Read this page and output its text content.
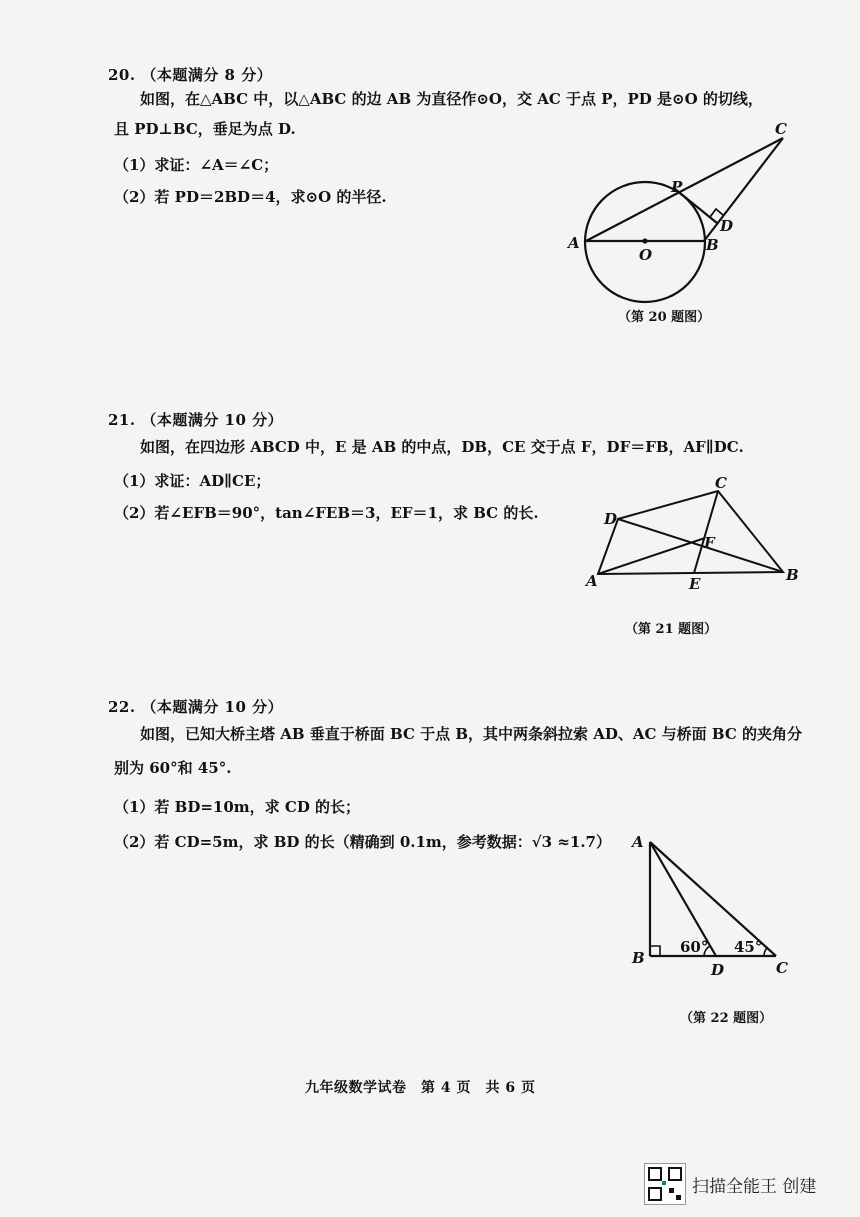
20. （本题满分 8 分）
如图，在△ABC 中，以△ABC 的边 AB 为直径作⊙O，交 AC 于点 P，PD 是⊙O 的切线，
且 PD⊥BC，垂足为点 D.
（1）求证：∠A＝∠C；
（2）若 PD＝2BD＝4，求⊙O 的半径.
A	B
C
D
O
P
（第 20 题图）
21. （本题满分 10 分）
如图，在四边形 ABCD 中，E 是 AB 的中点，DB，CE 交于点 F，DF＝FB，AF∥DC.
（1）求证：AD∥CE；
（2）若∠EFB＝90°，tan∠FEB＝3，EF＝1，求 BC 的长.
A	B
C
D
E
F
（第 21 题图）
22. （本题满分 10 分）
如图，已知大桥主塔 AB 垂直于桥面 BC 于点 B，其中两条斜拉索 AD、AC 与桥面 BC 的夹角分
别为 60°和 45°.
（1）若 BD=10m，求 CD 的长；
（2）若 CD=5m，求 BD 的长（精确到 0.1m，参考数据：√3 ≈1.7） A
B
C
D
60° 45°
（第 22 题图）
九年级数学试卷　第 4 页　共 6 页
扫描全能王 创建
